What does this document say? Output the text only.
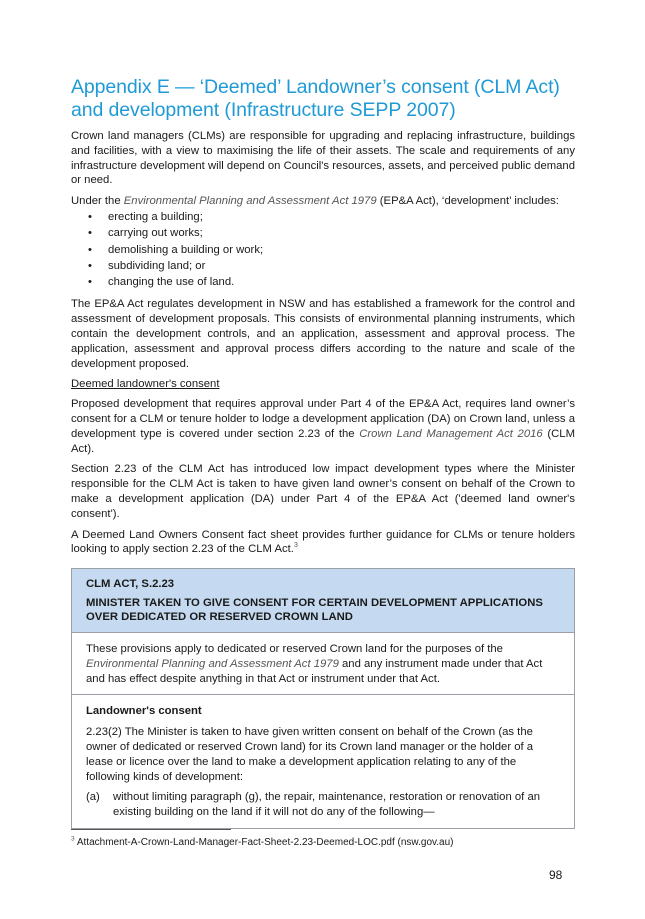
Appendix E — ‘Deemed’ Landowner’s consent (CLM Act)
and development (Infrastructure SEPP 2007)

Crown land managers (CLMs) are responsible for upgrading and replacing infrastructure, buildings and facilities, with a view to maximising the life of their assets. The scale and requirements of any infrastructure development will depend on Council's resources, assets, and perceived public demand or need.

Under the Environmental Planning and Assessment Act 1979 (EP&A Act), ‘development’ includes:

• erecting a building;
• carrying out works;
• demolishing a building or work;
• subdividing land; or
• changing the use of land.

The EP&A Act regulates development in NSW and has established a framework for the control and assessment of development proposals. This consists of environmental planning instruments, which contain the development controls, and an application, assessment and approval process. The application, assessment and approval process differs according to the nature and scale of the development proposed.

Deemed landowner's consent

Proposed development that requires approval under Part 4 of the EP&A Act, requires land owner’s consent for a CLM or tenure holder to lodge a development application (DA) on Crown land, unless a development type is covered under section 2.23 of the Crown Land Management Act 2016 (CLM Act).

Section 2.23 of the CLM Act has introduced low impact development types where the Minister responsible for the CLM Act is taken to have given land owner’s consent on behalf of the Crown to make a development application (DA) under Part 4 of the EP&A Act ('deemed land owner's consent').

A Deemed Land Owners Consent fact sheet provides further guidance for CLMs or tenure holders looking to apply section 2.23 of the CLM Act.$^3$

CLM ACT, S.2.23
MINISTER TAKEN TO GIVE CONSENT FOR CERTAIN DEVELOPMENT APPLICATIONS OVER DEDICATED OR RESERVED CROWN LAND

These provisions apply to dedicated or reserved Crown land for the purposes of the Environmental Planning and Assessment Act 1979 and any instrument made under that Act and has effect despite anything in that Act or instrument under that Act.

Landowner's consent

2.23(2) The Minister is taken to have given written consent on behalf of the Crown (as the owner of dedicated or reserved Crown land) for its Crown land manager or the holder of a lease or licence over the land to make a development application relating to any of the following kinds of development:

(a)	without limiting paragraph (g), the repair, maintenance, restoration or renovation of an existing building on the land if it will not do any of the following—
$^3$ Attachment-A-Crown-Land-Manager-Fact-Sheet-2.23-Deemed-LOC.pdf (nsw.gov.au)
98
